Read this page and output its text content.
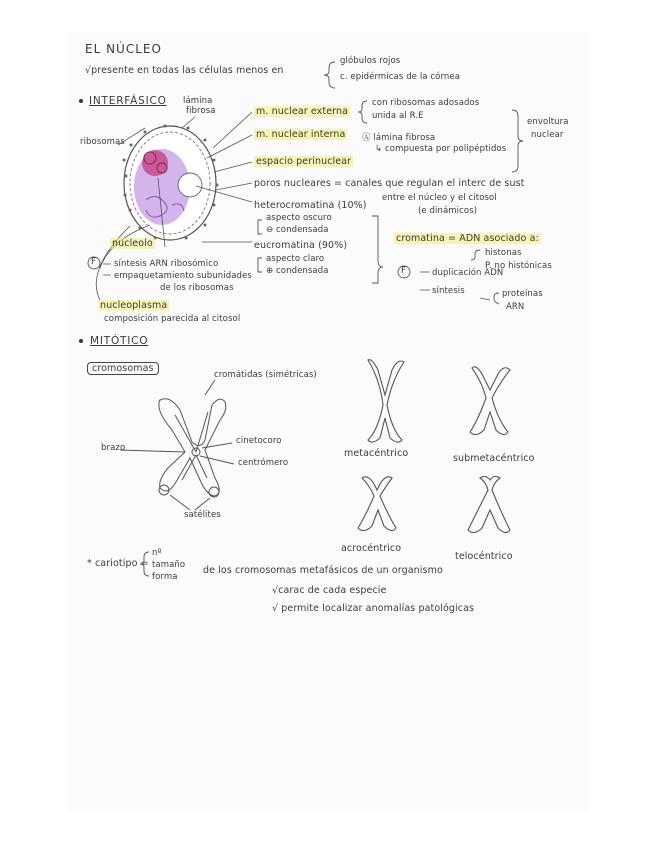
EL NÚCLEO
√presente en todas las células menos en
glóbulos rojos
c. epidérmicas de la córnea
INTERFÁSICO lámina
fibrosa
ribosomas
m. nuclear externa
con ribosomas adosados
unida al R.E
envoltura
nuclear
m. nuclear interna Ⓐ lámina fibrosa
↳ compuesta por polipéptidos
espacio perinuclear
poros nucleares = canales que regulan el interc de sust
entre el núcleo y el citosol
(e dinámicos)
heterocromatina (10%)
aspecto oscuro
⊖ condensada
eucromatina (90%)
aspecto claro
⊕ condensada
cromatina = ADN asociado a:
histonas
P. no histónicas
F	duplicación ADN
síntesis	proteínas
ARN
nucleolo
F síntesis ARN ribosómico
empaquetamiento subunidades
de los ribosomas
nucleoplasma
composición parecida al citosol
MITÓTICO
cromosomas
cromátidas (simétricas)
brazo
cinetocoro
centrómero
satélites
metacéntrico	submetacéntrico
acrocéntrico
telocéntrico
* cariotipo =
nº
tamaño
forma
de los cromosomas metafásicos de un organismo
√carac de cada especie
√ permite localizar anomalías patológicas
